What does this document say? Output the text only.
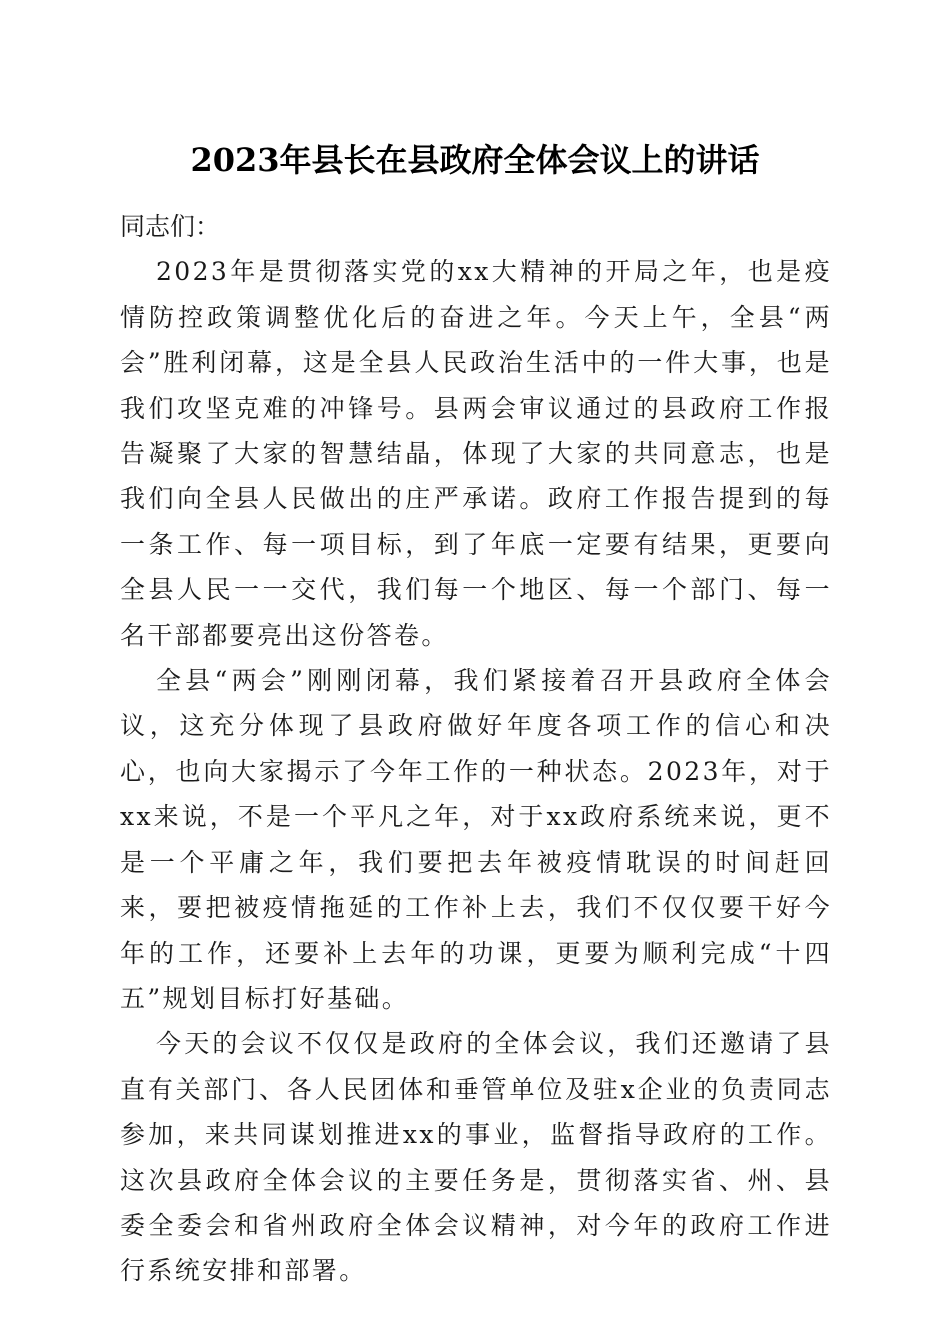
2023年县长在县政府全体会议上的讲话

同志们：

2023年是贯彻落实党的xx大精神的开局之年，也是疫情防控政策调整优化后的奋进之年。今天上午，全县“两会”胜利闭幕，这是全县人民政治生活中的一件大事，也是我们攻坚克难的冲锋号。县两会审议通过的县政府工作报告凝聚了大家的智慧结晶，体现了大家的共同意志，也是我们向全县人民做出的庄严承诺。政府工作报告提到的每一条工作、每一项目标，到了年底一定要有结果，更要向全县人民一一交代，我们每一个地区、每一个部门、每一名干部都要亮出这份答卷。

全县“两会”刚刚闭幕，我们紧接着召开县政府全体会议，这充分体现了县政府做好年度各项工作的信心和决心，也向大家揭示了今年工作的一种状态。2023年，对于xx来说，不是一个平凡之年，对于xx政府系统来说，更不是一个平庸之年，我们要把去年被疫情耽误的时间赶回来，要把被疫情拖延的工作补上去，我们不仅仅要干好今年的工作，还要补上去年的功课，更要为顺利完成“十四五”规划目标打好基础。

今天的会议不仅仅是政府的全体会议，我们还邀请了县直有关部门、各人民团体和垂管单位及驻x企业的负责同志参加，来共同谋划推进xx的事业，监督指导政府的工作。这次县政府全体会议的主要任务是，贯彻落实省、州、县委全委会和省州政府全体会议精神，对今年的政府工作进行系统安排和部署。
